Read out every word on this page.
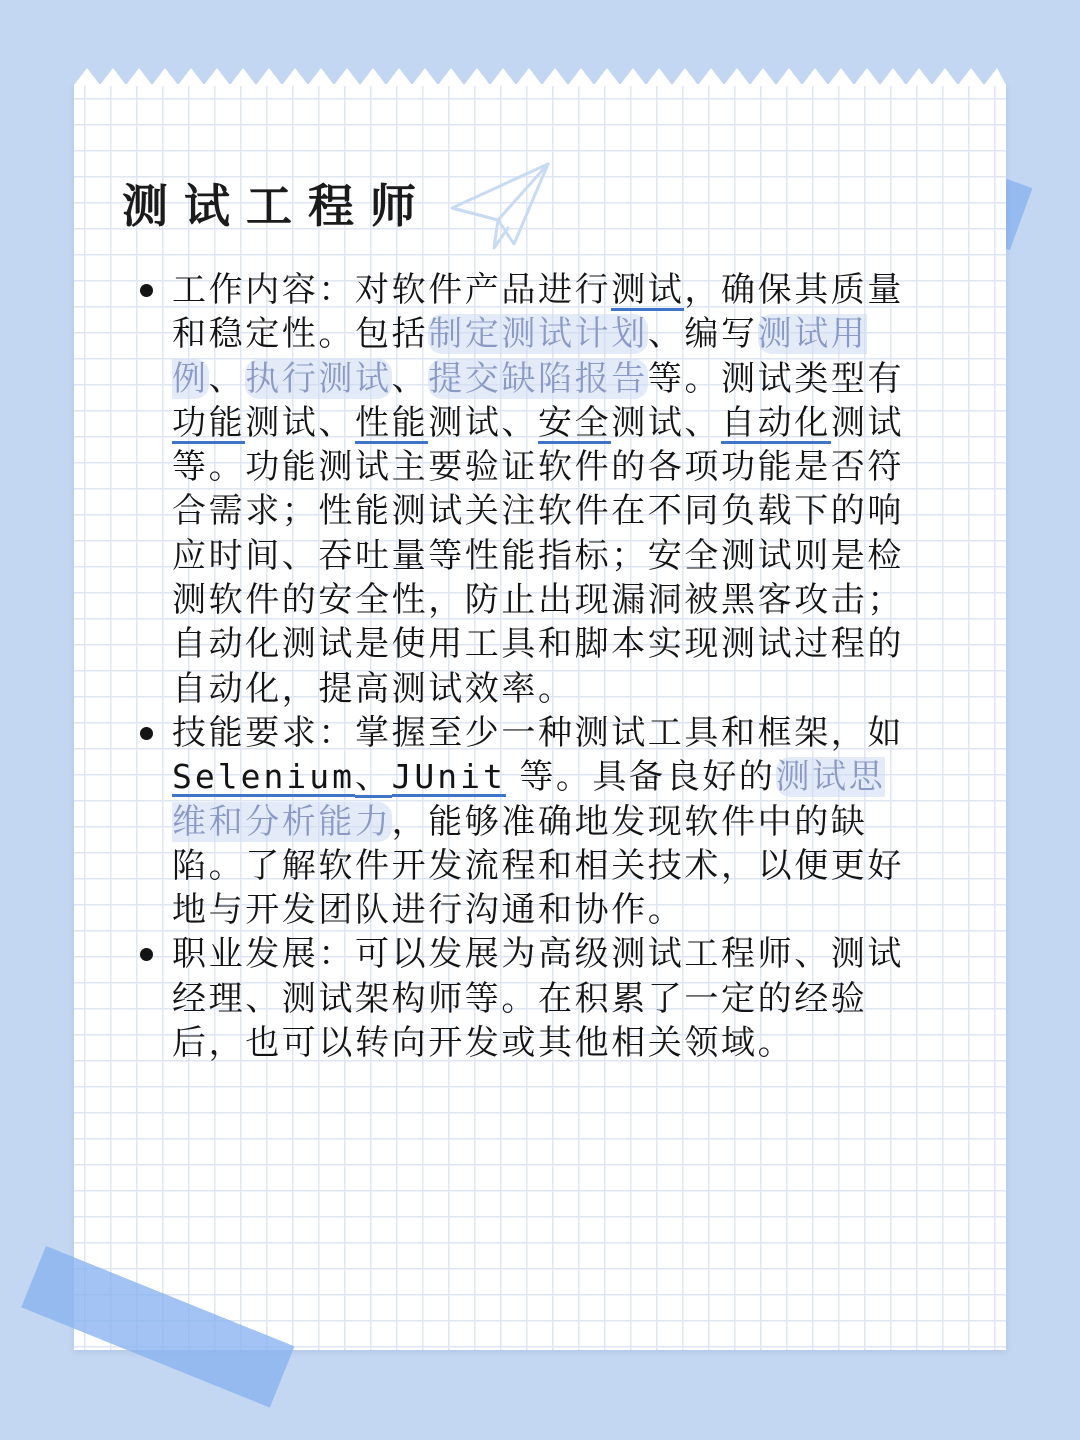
测试工程师
工作内容：对软件产品进行测试，确保其质量和稳定性。包括制定测试计划、编写测试用例、执行测试、提交缺陷报告等。测试类型有功能测试、性能测试、安全测试、自动化测试等。功能测试主要验证软件的各项功能是否符合需求；性能测试关注软件在不同负载下的响应时间、吞吐量等性能指标；安全测试则是检测软件的安全性，防止出现漏洞被黑客攻击；自动化测试是使用工具和脚本实现测试过程的自动化，提高测试效率。
技能要求：掌握至少一种测试工具和框架，如 Selenium、JUnit 等。具备良好的测试思维和分析能力，能够准确地发现软件中的缺陷。了解软件开发流程和相关技术，以便更好地与开发团队进行沟通和协作。
职业发展：可以发展为高级测试工程师、测试经理、测试架构师等。在积累了一定的经验后，也可以转向开发或其他相关领域。
